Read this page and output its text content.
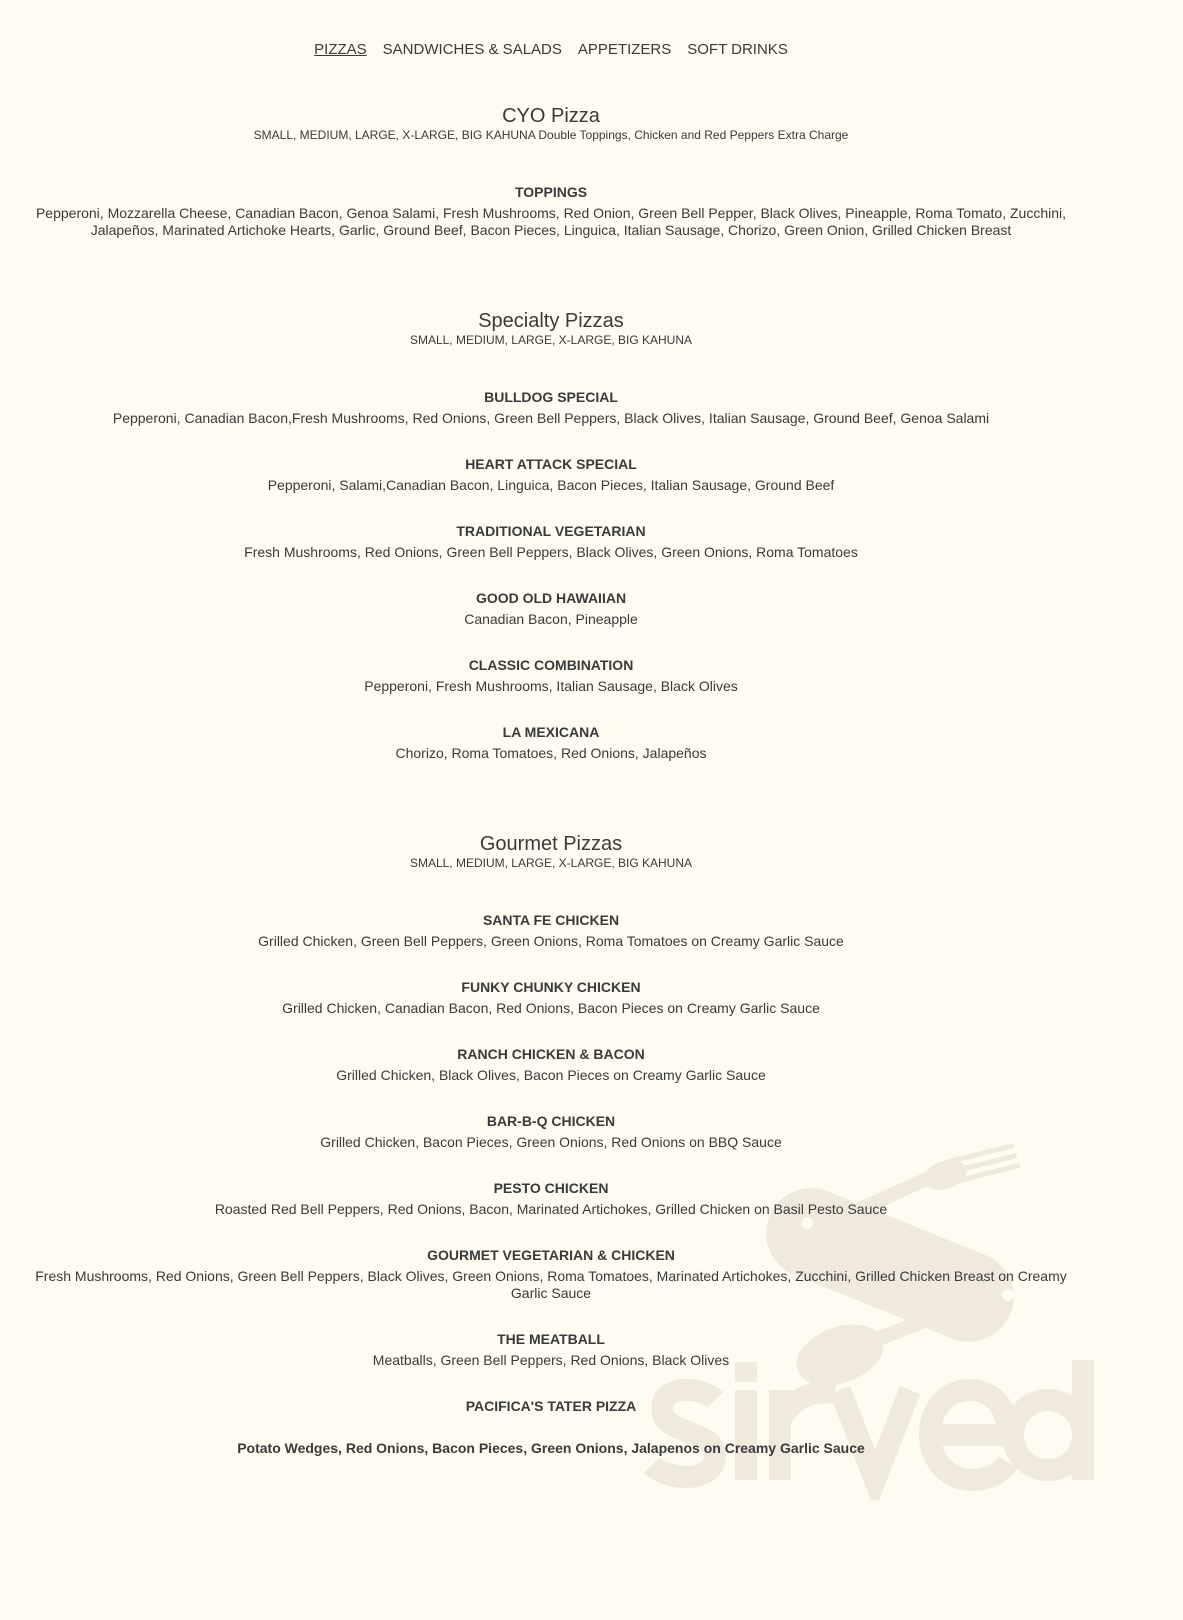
PIZZAS SANDWICHES & SALADS APPETIZERS SOFT DRINKS
CYO Pizza
SMALL, MEDIUM, LARGE, X-LARGE, BIG KAHUNA Double Toppings, Chicken and Red Peppers Extra Charge
TOPPINGS
Pepperoni, Mozzarella Cheese, Canadian Bacon, Genoa Salami, Fresh Mushrooms, Red Onion, Green Bell Pepper, Black Olives, Pineapple, Roma Tomato, Zucchini, Jalapeños, Marinated Artichoke Hearts, Garlic, Ground Beef, Bacon Pieces, Linguica, Italian Sausage, Chorizo, Green Onion, Grilled Chicken Breast
Specialty Pizzas
SMALL, MEDIUM, LARGE, X-LARGE, BIG KAHUNA
BULLDOG SPECIAL
Pepperoni, Canadian Bacon,Fresh Mushrooms, Red Onions, Green Bell Peppers, Black Olives, Italian Sausage, Ground Beef, Genoa Salami
HEART ATTACK SPECIAL
Pepperoni, Salami,Canadian Bacon, Linguica, Bacon Pieces, Italian Sausage, Ground Beef
TRADITIONAL VEGETARIAN
Fresh Mushrooms, Red Onions, Green Bell Peppers, Black Olives, Green Onions, Roma Tomatoes
GOOD OLD HAWAIIAN
Canadian Bacon, Pineapple
CLASSIC COMBINATION
Pepperoni, Fresh Mushrooms, Italian Sausage, Black Olives
LA MEXICANA
Chorizo, Roma Tomatoes, Red Onions, Jalapeños
Gourmet Pizzas
SMALL, MEDIUM, LARGE, X-LARGE, BIG KAHUNA
SANTA FE CHICKEN
Grilled Chicken, Green Bell Peppers, Green Onions, Roma Tomatoes on Creamy Garlic Sauce
FUNKY CHUNKY CHICKEN
Grilled Chicken, Canadian Bacon, Red Onions, Bacon Pieces on Creamy Garlic Sauce
RANCH CHICKEN & BACON
Grilled Chicken, Black Olives, Bacon Pieces on Creamy Garlic Sauce
BAR-B-Q CHICKEN
Grilled Chicken, Bacon Pieces, Green Onions, Red Onions on BBQ Sauce
PESTO CHICKEN
Roasted Red Bell Peppers, Red Onions, Bacon, Marinated Artichokes, Grilled Chicken on Basil Pesto Sauce
GOURMET VEGETARIAN & CHICKEN
Fresh Mushrooms, Red Onions, Green Bell Peppers, Black Olives, Green Onions, Roma Tomatoes, Marinated Artichokes, Zucchini, Grilled Chicken Breast on Creamy Garlic Sauce
THE MEATBALL
Meatballs, Green Bell Peppers, Red Onions, Black Olives
PACIFICA'S TATER PIZZA
Potato Wedges, Red Onions, Bacon Pieces, Green Onions, Jalapenos on Creamy Garlic Sauce
